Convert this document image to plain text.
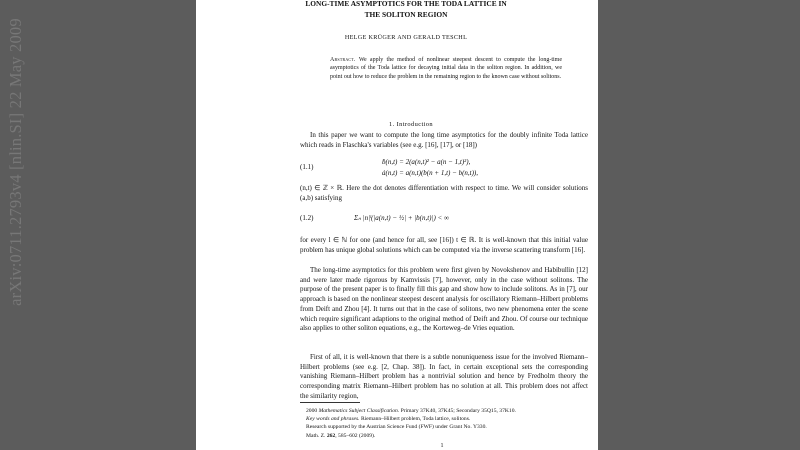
arXiv:0711.2793v4 [nlin.SI] 22 May 2009
LONG-TIME ASYMPTOTICS FOR THE TODA LATTICE IN
THE SOLITON REGION
HELGE KRÜGER AND GERALD TESCHL
Abstract. We apply the method of nonlinear steepest descent to compute the long-time asymptotics of the Toda lattice for decaying initial data in the soliton region. In addition, we point out how to reduce the problem in the remaining region to the known case without solitons.
1. Introduction
In this paper we want to compute the long time asymptotics for the doubly infinite Toda lattice which reads in Flaschka's variables (see e.g. [16], [17], or [18])
(1.1)
ḃ(n,t) = 2(a(n,t)² − a(n − 1,t)²),
ȧ(n,t) = a(n,t)(b(n + 1,t) − b(n,t)),
(n,t) ∈ ℤ × ℝ. Here the dot denotes differentiation with respect to time. We will consider solutions (a,b) satisfying
(1.2)	Σₙ |n|ˡ(|a(n,t) − ½| + |b(n,t)|) < ∞
for every l ∈ ℕ for one (and hence for all, see [16]) t ∈ ℝ. It is well-known that this initial value problem has unique global solutions which can be computed via the inverse scattering transform [16].
The long-time asymptotics for this problem were first given by Novokshenov and Habibullin [12] and were later made rigorous by Kamvissis [7], however, only in the case without solitons. The purpose of the present paper is to finally fill this gap and show how to include solitons. As in [7], our approach is based on the nonlinear steepest descent analysis for oscillatory Riemann–Hilbert problems from Deift and Zhou [4]. It turns out that in the case of solitons, two new phenomena enter the scene which require significant adaptions to the original method of Deift and Zhou. Of course our technique also applies to other soliton equations, e.g., the Korteweg–de Vries equation.
First of all, it is well-known that there is a subtle nonuniqueness issue for the involved Riemann–Hilbert problems (see e.g. [2, Chap. 38]). In fact, in certain exceptional sets the corresponding vanishing Riemann–Hilbert problem has a nontrivial solution and hence by Fredholm theory the corresponding matrix Riemann–Hilbert problem has no solution at all. This problem does not affect the similarity region,
2000 Mathematics Subject Classification. Primary 37K40, 37K45; Secondary 35Q15, 37K10.
Key words and phrases. Riemann–Hilbert problem, Toda lattice, solitons.
Research supported by the Austrian Science Fund (FWF) under Grant No. Y330.
Math. Z. 262, 585–602 (2009).
1
